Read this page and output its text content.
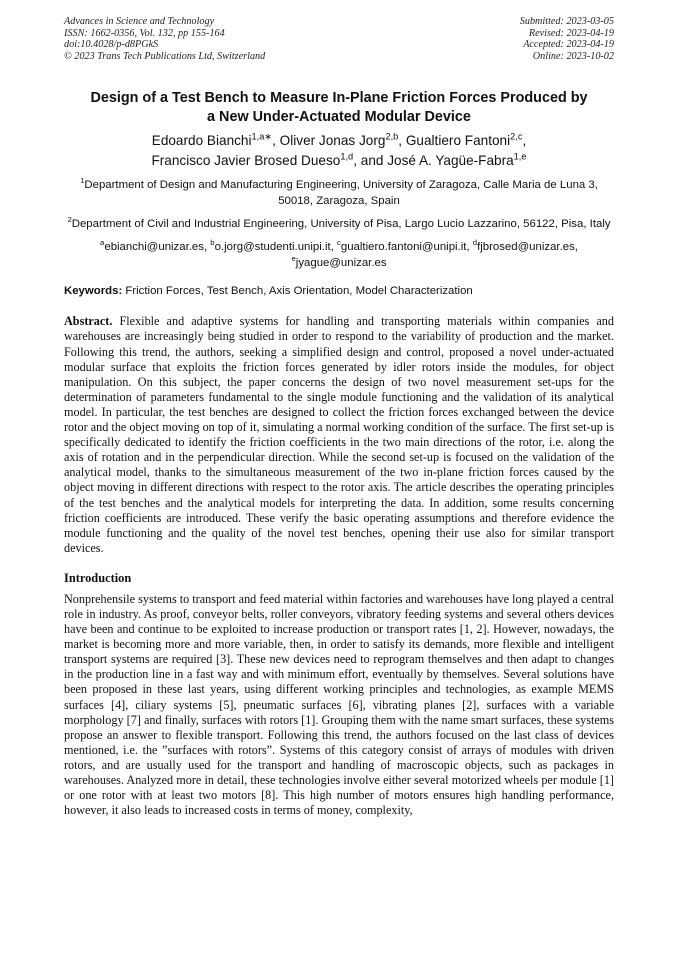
Advances in Science and Technology
ISSN: 1662-0356, Vol. 132, pp 155-164
doi:10.4028/p-d8PGkS
© 2023 Trans Tech Publications Ltd, Switzerland
Submitted: 2023-03-05
Revised: 2023-04-19
Accepted: 2023-04-19
Online: 2023-10-02
Design of a Test Bench to Measure In-Plane Friction Forces Produced by
a New Under-Actuated Modular Device
Edoardo Bianchi$^{1,a∗}$, Oliver Jonas Jorg$^{2,b}$, Gualtiero Fantoni$^{2,c}$,
Francisco Javier Brosed Dueso$^{1,d}$, and José A. Yagüe-Fabra$^{1,e}$
$^1$Department of Design and Manufacturing Engineering, University of Zaragoza, Calle Maria de Luna 3, 50018, Zaragoza, Spain
$^2$Department of Civil and Industrial Engineering, University of Pisa, Largo Lucio Lazzarino, 56122, Pisa, Italy
$^a$ebianchi@unizar.es, $^b$o.jorg@studenti.unipi.it, $^c$gualtiero.fantoni@unipi.it, $^d$fjbrosed@unizar.es,
$^e$jyague@unizar.es
Keywords: Friction Forces, Test Bench, Axis Orientation, Model Characterization

Abstract. Flexible and adaptive systems for handling and transporting materials within companies and warehouses are increasingly being studied in order to respond to the variability of production and the market. Following this trend, the authors, seeking a simplified design and control, proposed a novel under-actuated modular surface that exploits the friction forces generated by idler rotors inside the modules, for object manipulation. On this subject, the paper concerns the design of two novel measurement set-ups for the determination of parameters fundamental to the single module functioning and the validation of its analytical model. In particular, the test benches are designed to collect the friction forces exchanged between the device rotor and the object moving on top of it, simulating a normal working condition of the surface. The first set-up is specifically dedicated to identify the friction coefficients in the two main directions of the rotor, i.e. along the axis of rotation and in the perpendicular direction. While the second set-up is focused on the validation of the analytical model, thanks to the simultaneous measurement of the two in-plane friction forces caused by the object moving in different directions with respect to the rotor axis. The article describes the operating principles of the test benches and the analytical models for interpreting the data. In addition, some results concerning friction coefficients are introduced. These verify the basic operating assumptions and therefore evidence the module functioning and the quality of the novel test benches, opening their use also for similar transport devices.

Introduction

Nonprehensile systems to transport and feed material within factories and warehouses have long played a central role in industry. As proof, conveyor belts, roller conveyors, vibratory feeding systems and several others devices have been and continue to be exploited to increase production or transport rates [1, 2]. However, nowadays, the market is becoming more and more variable, then, in order to satisfy its demands, more flexible and intelligent transport systems are required [3]. These new devices need to reprogram themselves and then adapt to changes in the production line in a fast way and with minimum effort, eventually by themselves. Several solutions have been proposed in these last years, using different working principles and technologies, as example MEMS surfaces [4], ciliary systems [5], pneumatic surfaces [6], vibrating planes [2], surfaces with a variable morphology [7] and finally, surfaces with rotors [1]. Grouping them with the name smart surfaces, these systems propose an answer to flexible transport. Following this trend, the authors focused on the last class of devices mentioned, i.e. the ”surfaces with rotors”. Systems of this category consist of arrays of modules with driven rotors, and are usually used for the transport and handling of macroscopic objects, such as packages in warehouses. Analyzed more in detail, these technologies involve either several motorized wheels per module [1] or one rotor with at least two motors [8]. This high number of motors ensures high handling performance, however, it also leads to increased costs in terms of money, complexity,
